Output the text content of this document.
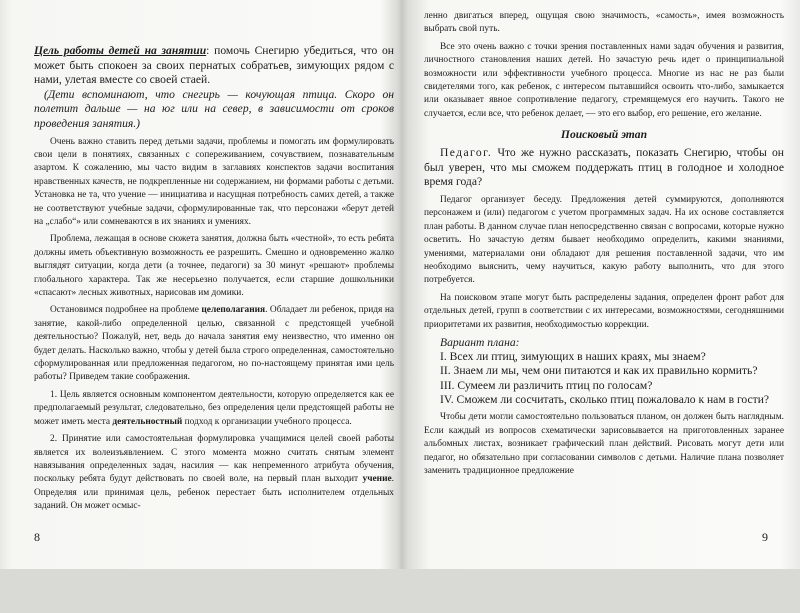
Цель работы детей на занятии: помочь Снегирю убедиться, что он может быть спокоен за своих пернатых собратьев, зимующих рядом с нами, улетая вместе со своей стаей.

(Дети вспоминают, что снегирь — кочующая птица. Скоро он полетит дальше — на юг или на север, в зависимости от сроков проведения занятия.)

Очень важно ставить перед детьми задачи, проблемы и помогать им формулировать свои цели в понятиях, связанных с сопереживанием, сочувствием, познавательным азартом. К сожалению, мы часто видим в заглавиях конспектов задачи воспитания нравственных качеств, не подкрепленные ни содержанием, ни формами работы с детьми. Установка не та, что учение — инициатива и насущная потребность самих детей, а также не соответствуют учебные задачи, сформулированные так, что персонажи «берут детей на „слабо“» или сомневаются в их знаниях и умениях.

Проблема, лежащая в основе сюжета занятия, должна быть «честной», то есть ребята должны иметь объективную возможность ее разрешить. Смешно и одновременно жалко выглядят ситуации, когда дети (а точнее, педагоги) за 30 минут «решают» проблемы глобального характера. Так же несерьезно получается, если старшие дошкольники «спасают» лесных животных, нарисовав им домики.

Остановимся подробнее на проблеме целеполагания. Обладает ли ребенок, придя на занятие, какой-либо определенной целью, связанной с предстоящей учебной деятельностью? Пожалуй, нет, ведь до начала занятия ему неизвестно, что именно он будет делать. Насколько важно, чтобы у детей была строго определенная, самостоятельно сформулированная или предложенная педагогом, но по-настоящему принятая ими цель работы? Приведем такие соображения.

1. Цель является основным компонентом деятельности, которую определяется как ее предполагаемый результат, следовательно, без определения цели предстоящей работы не может иметь места деятельностный подход к организации учебного процесса.

2. Принятие или самостоятельная формулировка учащимися целей своей работы является их волеизъявлением. С этого момента можно считать снятым элемент навязывания определенных задач, насилия — как непременного атрибута обучения, поскольку ребята будут действовать по своей воле, на первый план выходит учение. Определяя или принимая цель, ребенок перестает быть исполнителем отдельных заданий. Он может осмыс-

8

ленно двигаться вперед, ощущая свою значимость, «самость», имея возможность выбрать свой путь.

Все это очень важно с точки зрения поставленных нами задач обучения и развития, личностного становления наших детей. Но зачастую речь идет о принципиальной возможности или эффективности учебного процесса. Многие из нас не раз были свидетелями того, как ребенок, с интересом пытавшийся освоить что-либо, замыкается или оказывает явное сопротивление педагогу, стремящемуся его научить. Такого не случается, если все, что ребенок делает, — это его выбор, его решение, его желание.

Поисковый этап

Педагог. Что же нужно рассказать, показать Снегирю, чтобы он был уверен, что мы сможем поддержать птиц в голодное и холодное время года?

Педагог организует беседу. Предложения детей суммируются, дополняются персонажем и (или) педагогом с учетом программных задач. На их основе составляется план работы. В данном случае план непосредственно связан с вопросами, которые нужно осветить. Но зачастую детям бывает необходимо определить, какими знаниями, умениями, материалами они обладают для решения поставленной задачи, что им необходимо выяснить, чему научиться, какую работу выполнить, что для этого потребуется.

На поисковом этапе могут быть распределены задания, определен фронт работ для отдельных детей, групп в соответствии с их интересами, возможностями, сегодняшними приоритетами их развития, необходимостью коррекции.

Вариант плана:

I. Всех ли птиц, зимующих в наших краях, мы знаем?

II. Знаем ли мы, чем они питаются и как их правильно кормить?

III. Сумеем ли различить птиц по голосам?

IV. Сможем ли сосчитать, сколько птиц пожаловало к нам в гости?

Чтобы дети могли самостоятельно пользоваться планом, он должен быть наглядным. Если каждый из вопросов схематически зарисовывается на приготовленных заранее альбомных листах, возникает графический план действий. Рисовать могут дети или педагог, но обязательно при согласовании символов с детьми. Наличие плана позволяет заменить традиционное предложение

9
